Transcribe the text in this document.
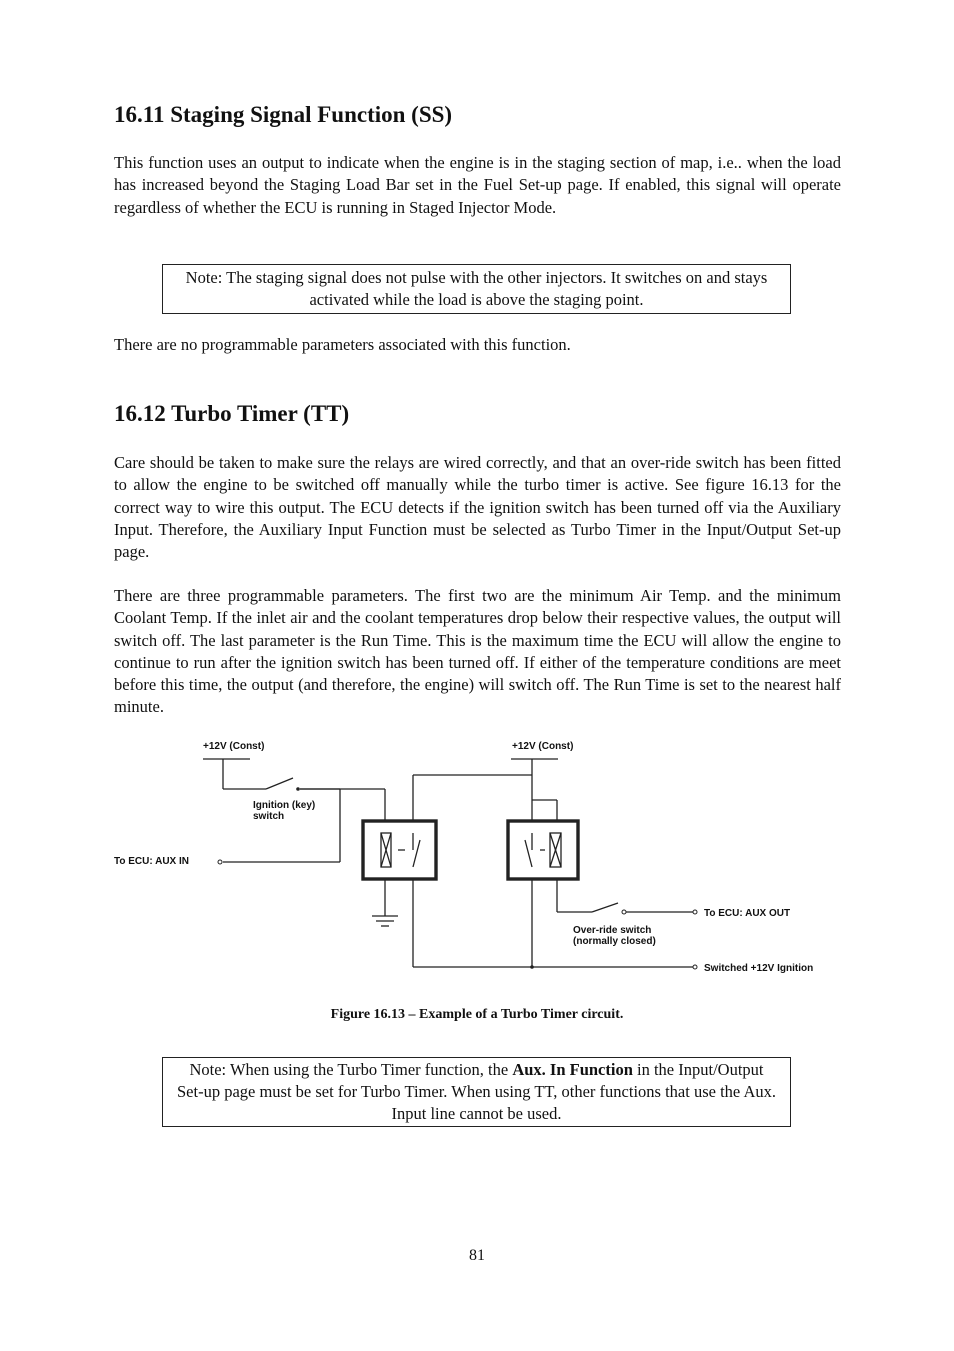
16.11 Staging Signal Function (SS)

This function uses an output to indicate when the engine is in the staging section of map, i.e.. when the load has increased beyond the Staging Load Bar set in the Fuel Set-up page. If enabled, this signal will operate regardless of whether the ECU is running in Staged Injector Mode.

Note: The staging signal does not pulse with the other injectors. It switches on and stays activated while the load is above the staging point.

There are no programmable parameters associated with this function.

16.12 Turbo Timer (TT)

Care should be taken to make sure the relays are wired correctly, and that an over-ride switch has been fitted to allow the engine to be switched off manually while the turbo timer is active. See figure 16.13 for the correct way to wire this output. The ECU detects if the ignition switch has been turned off via the Auxiliary Input. Therefore, the Auxiliary Input Function must be selected as Turbo Timer in the Input/Output Set-up page.

There are three programmable parameters. The first two are the minimum Air Temp. and the minimum Coolant Temp. If the inlet air and the coolant temperatures drop below their respective values, the output will switch off. The last parameter is the Run Time. This is the maximum time the ECU will allow the engine to continue to run after the ignition switch has been turned off. If either of the temperature conditions are meet before this time, the output (and therefore, the engine) will switch off. The Run Time is set to the nearest half minute.

+12V (Const)	+12V (Const)
Ignition (key)
switch
To ECU: AUX IN
To ECU: AUX OUT
Over-ride switch
(normally closed)
Switched +12V Ignition
Figure 16.13 – Example of a Turbo Timer circuit.
Note: When using the Turbo Timer function, the Aux. In Function in the Input/Output Set-up page must be set for Turbo Timer. When using TT, other functions that use the Aux. Input line cannot be used.
81
